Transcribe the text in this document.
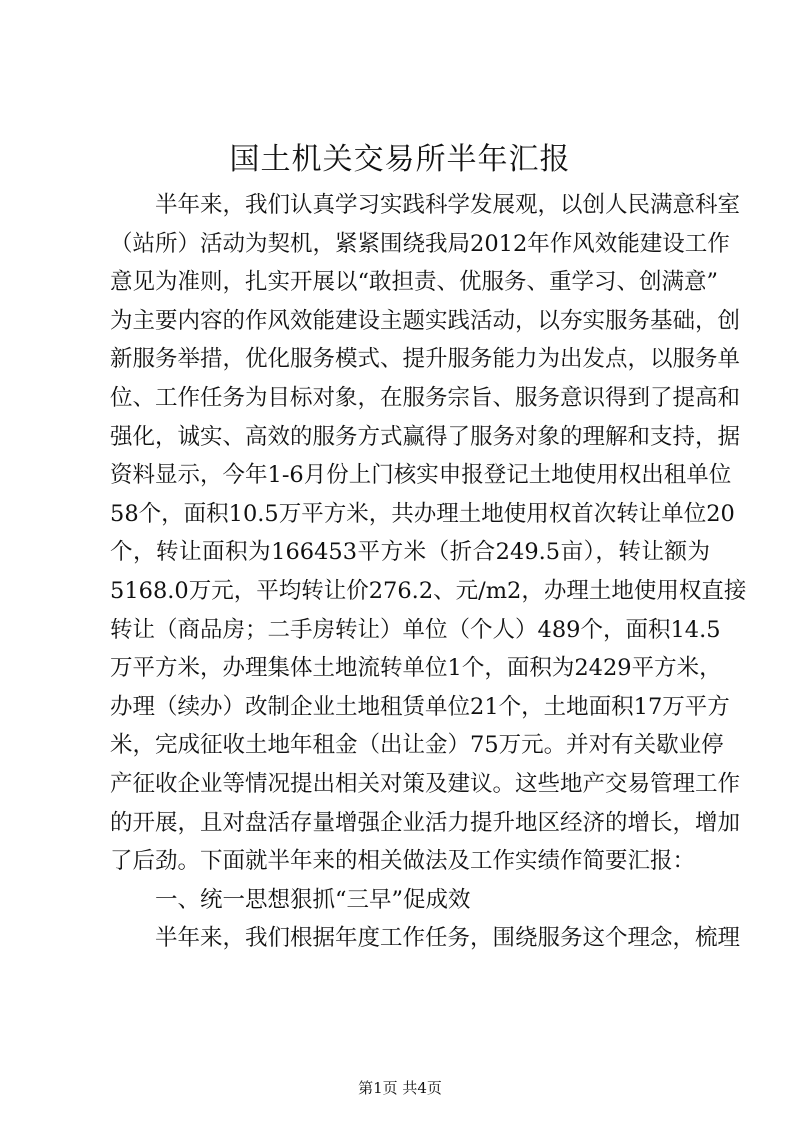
国土机关交易所半年汇报
半年来，我们认真学习实践科学发展观，以创人民满意科室
（站所）活动为契机，紧紧围绕我局2012年作风效能建设工作
意见为准则，扎实开展以“敢担责、优服务、重学习、创满意”
为主要内容的作风效能建设主题实践活动，以夯实服务基础，创
新服务举措，优化服务模式、提升服务能力为出发点，以服务单
位、工作任务为目标对象，在服务宗旨、服务意识得到了提高和
强化，诚实、高效的服务方式赢得了服务对象的理解和支持，据
资料显示，今年1-6月份上门核实申报登记土地使用权出租单位
58个，面积10.5万平方米，共办理土地使用权首次转让单位20
个，转让面积为166453平方米（折合249.5亩），转让额为
5168.0万元，平均转让价276.2、元/m2，办理土地使用权直接
转让（商品房；二手房转让）单位（个人）489个，面积14.5
万平方米，办理集体土地流转单位1个，面积为2429平方米，
办理（续办）改制企业土地租赁单位21个，土地面积17万平方
米，完成征收土地年租金（出让金）75万元。并对有关歇业停
产征收企业等情况提出相关对策及建议。这些地产交易管理工作
的开展，且对盘活存量增强企业活力提升地区经济的增长，增加
了后劲。下面就半年来的相关做法及工作实绩作简要汇报：
一、统一思想狠抓“三早”促成效
半年来，我们根据年度工作任务，围绕服务这个理念，梳理
第1页 共4页
